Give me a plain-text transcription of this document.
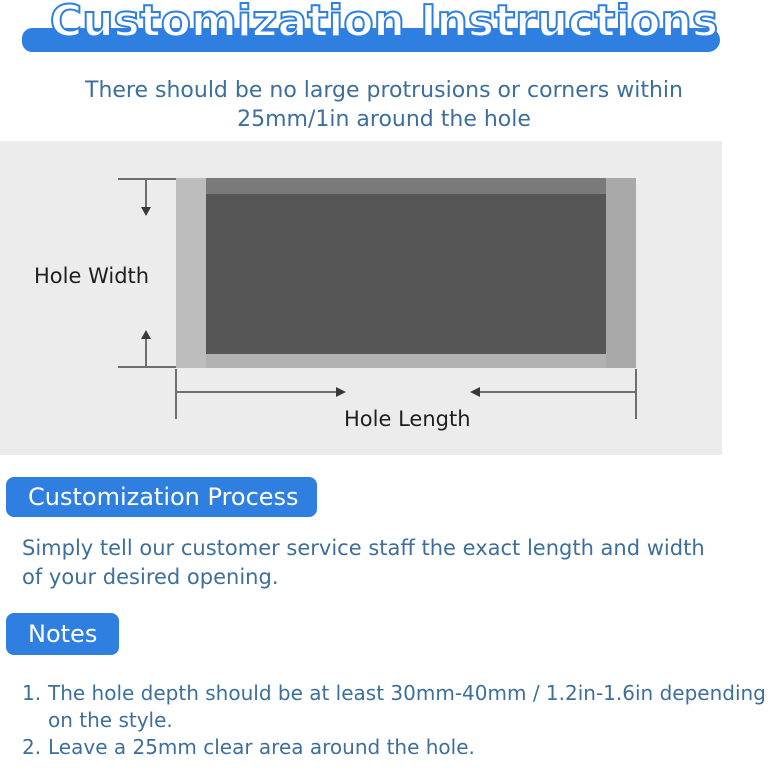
Customization Instructions
There should be no large protrusions or corners within 25mm/1in around the hole
Hole Width
Hole Length
Customization Process
Simply tell our customer service staff the exact length and width of your desired opening.
Notes
1. The hole depth should be at least 30mm-40mm / 1.2in-1.6in depending on the style.
2. Leave a 25mm clear area around the hole.
